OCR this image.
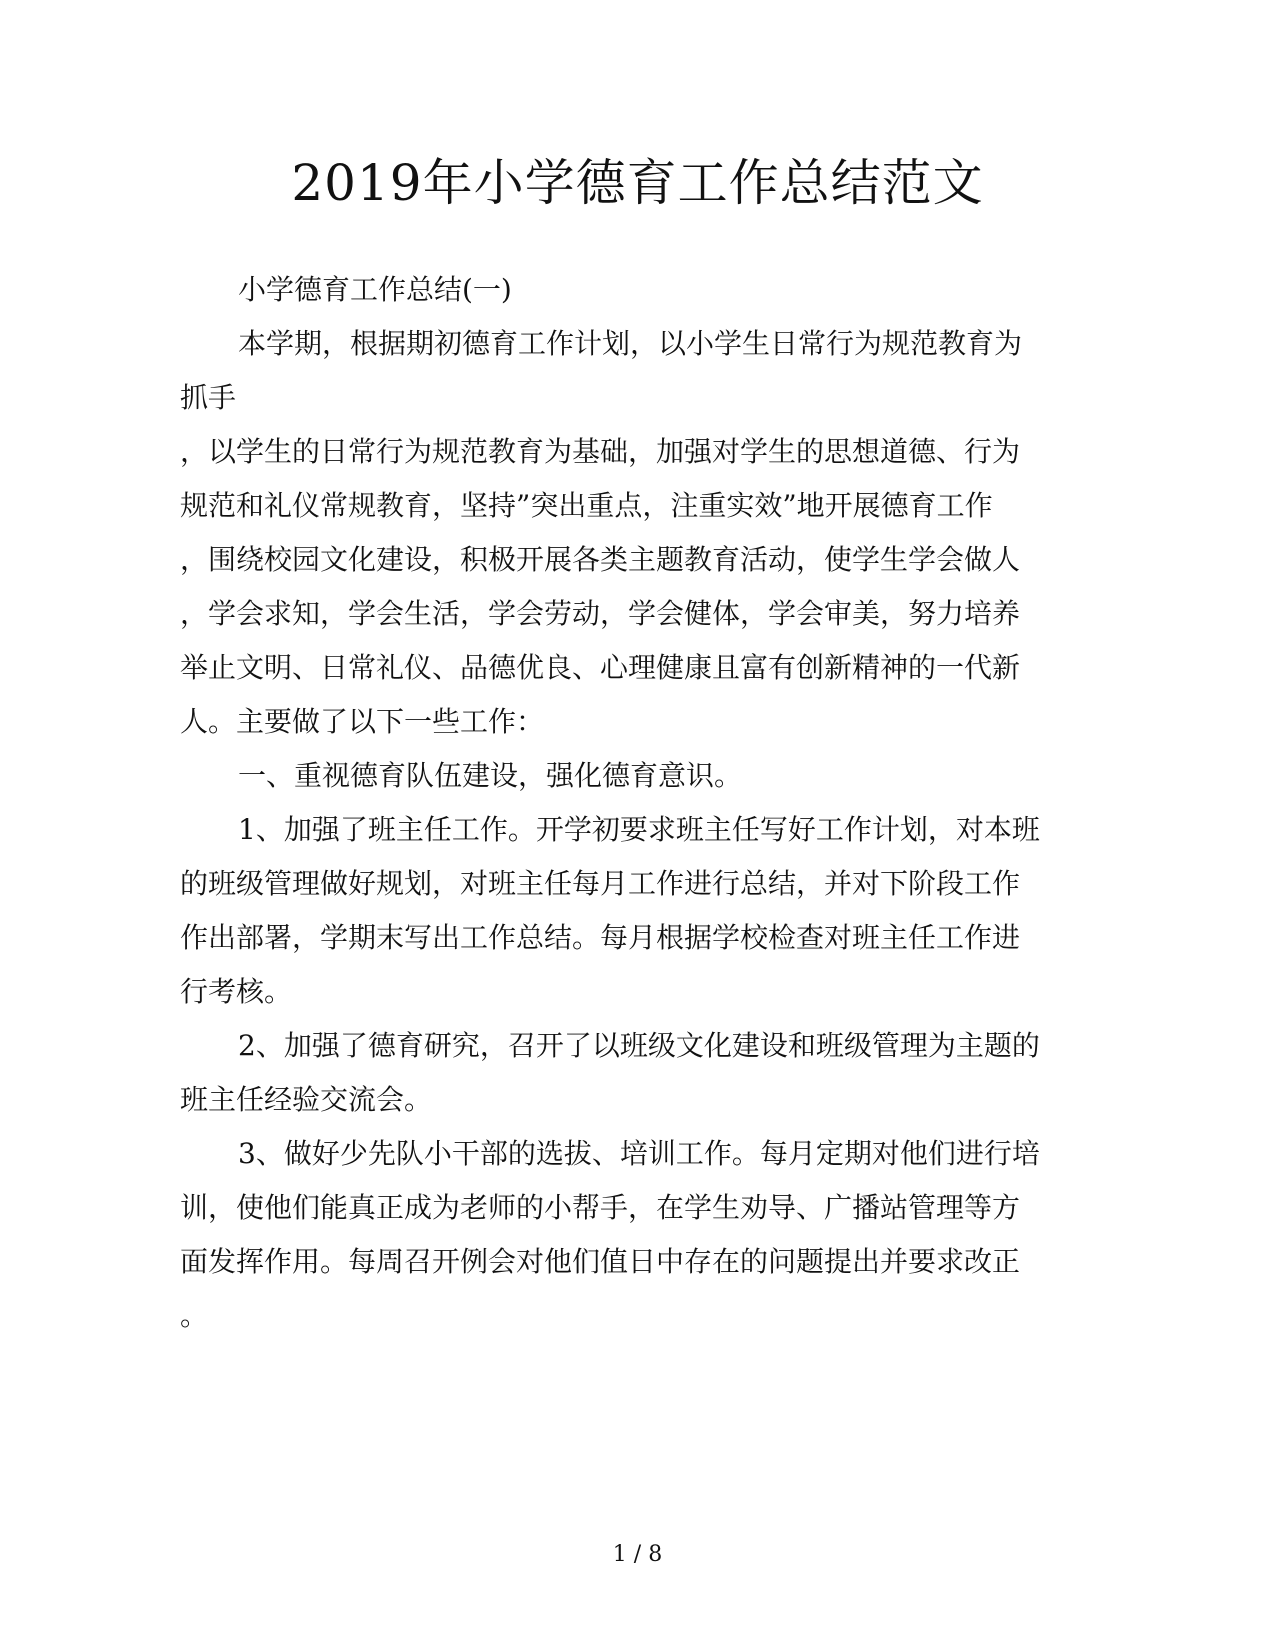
2019年小学德育工作总结范文

小学德育工作总结(一)

本学期，根据期初德育工作计划，以小学生日常行为规范教育为

抓手

，以学生的日常行为规范教育为基础，加强对学生的思想道德、行为

规范和礼仪常规教育，坚持”突出重点，注重实效”地开展德育工作

，围绕校园文化建设，积极开展各类主题教育活动，使学生学会做人

，学会求知，学会生活，学会劳动，学会健体，学会审美，努力培养

举止文明、日常礼仪、品德优良、心理健康且富有创新精神的一代新

人。主要做了以下一些工作：

一、重视德育队伍建设，强化德育意识。

1、加强了班主任工作。开学初要求班主任写好工作计划，对本班

的班级管理做好规划，对班主任每月工作进行总结，并对下阶段工作

作出部署，学期末写出工作总结。每月根据学校检查对班主任工作进

行考核。

2、加强了德育研究，召开了以班级文化建设和班级管理为主题的

班主任经验交流会。

3、做好少先队小干部的选拔、培训工作。每月定期对他们进行培

训，使他们能真正成为老师的小帮手，在学生劝导、广播站管理等方

面发挥作用。每周召开例会对他们值日中存在的问题提出并要求改正

。

1 / 8
